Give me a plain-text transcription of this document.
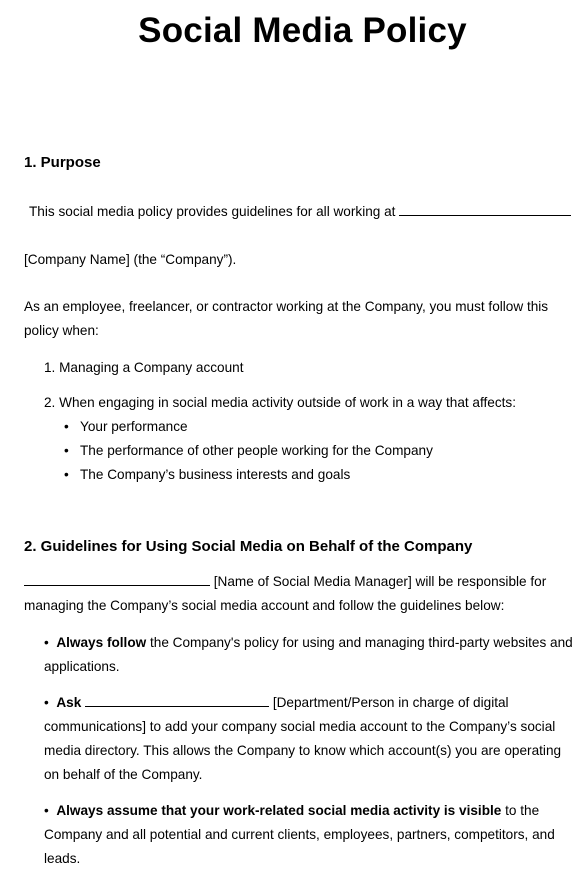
Social Media Policy
1. Purpose
This social media policy provides guidelines for all working at
[Company Name] (the “Company”).
As an employee, freelancer, or contractor working at the Company, you must follow this policy when:
1. Managing a Company account
2. When engaging in social media activity outside of work in a way that affects:
• Your performance
• The performance of other people working for the Company
• The Company’s business interests and goals
2. Guidelines for Using Social Media on Behalf of the Company
[Name of Social Media Manager] will be responsible for
managing the Company’s social media account and follow the guidelines below:
•  Always follow the Company's policy for using and managing third-party websites and applications.
•  Ask	[Department/Person in charge of digital communications] to add your company social media account to the Company’s social media directory. This allows the Company to know which account(s) you are operating on behalf of the Company.
•  Always assume that your work-related social media activity is visible to the Company and all potential and current clients, employees, partners, competitors, and leads.
